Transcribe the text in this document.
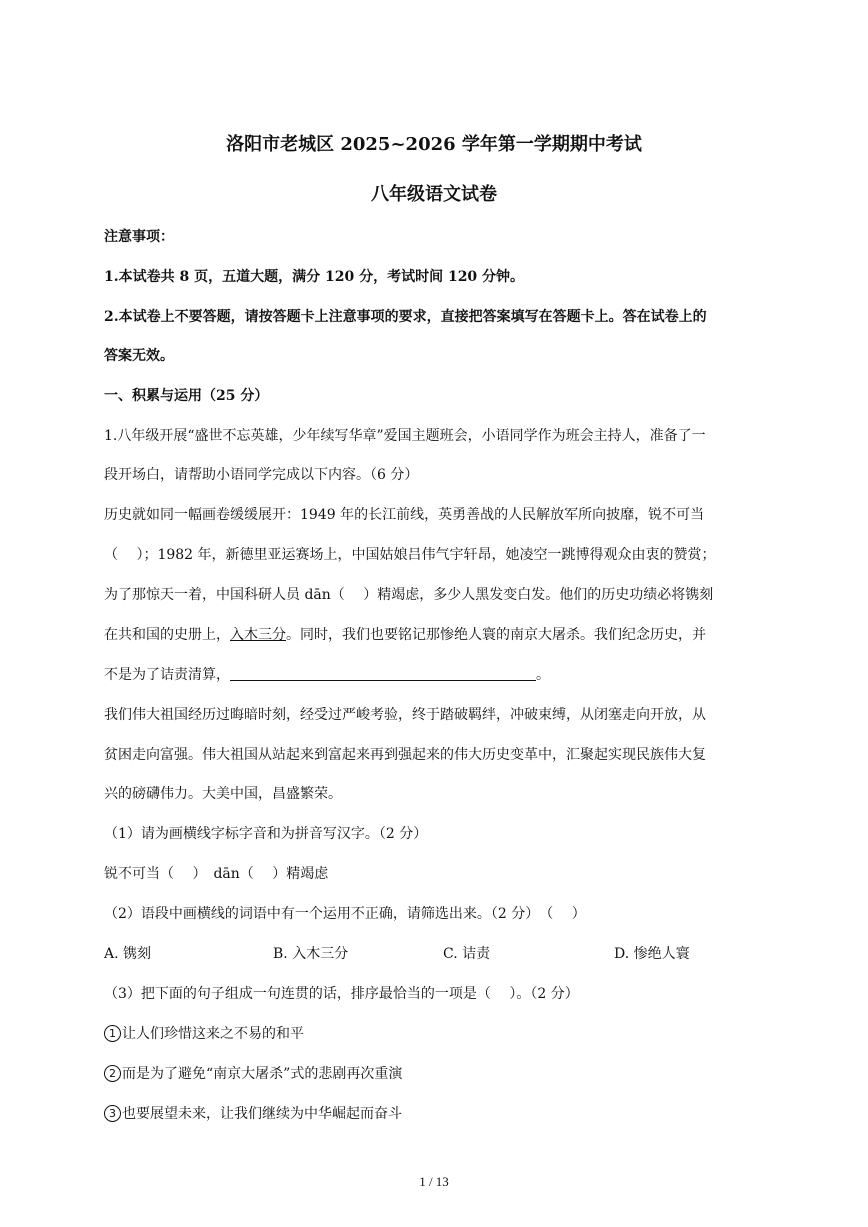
洛阳市老城区 2025~2026 学年第一学期期中考试
八年级语文试卷
注意事项：
1.本试卷共 8 页，五道大题，满分 120 分，考试时间 120 分钟。
2.本试卷上不要答题，请按答题卡上注意事项的要求，直接把答案填写在答题卡上。答在试卷上的
答案无效。
一、积累与运用（25 分）
1.八年级开展“盛世不忘英雄，少年续写华章”爱国主题班会，小语同学作为班会主持人，准备了一
段开场白，请帮助小语同学完成以下内容。（6 分）
历史就如同一幅画卷缓缓展开：1949 年的长江前线，英勇善战的人民解放军所向披靡，锐不可当
（　 ）；1982 年，新德里亚运赛场上，中国姑娘吕伟气宇轩昂，她凌空一跳博得观众由衷的赞赏；
为了那惊天一着，中国科研人员 dān（　 ）精竭虑，多少人黑发变白发。他们的历史功绩必将镌刻
在共和国的史册上，入木三分。同时，我们也要铭记那惨绝人寰的南京大屠杀。我们纪念历史，并
不是为了诘责清算，	。
我们伟大祖国经历过晦暗时刻，经受过严峻考验，终于踏破羁绊，冲破束缚，从闭塞走向开放，从
贫困走向富强。伟大祖国从站起来到富起来再到强起来的伟大历史变革中，汇聚起实现民族伟大复
兴的磅礴伟力。大美中国，昌盛繁荣。
（1）请为画横线字标字音和为拼音写汉字。（2 分）
锐不可当（　 ）　dān（　 ）精竭虑
（2）语段中画横线的词语中有一个运用不正确，请筛选出来。（2 分）　（　 ）
A. 镌刻	B. 入木三分	C. 诘责	D. 惨绝人寰
（3）把下面的句子组成一句连贯的话，排序最恰当的一项是（　 ）。（2 分）
1 让人们珍惜这来之不易的和平
2 而是为了避免“南京大屠杀”式的悲剧再次重演
3 也要展望未来，让我们继续为中华崛起而奋斗
1 / 13
